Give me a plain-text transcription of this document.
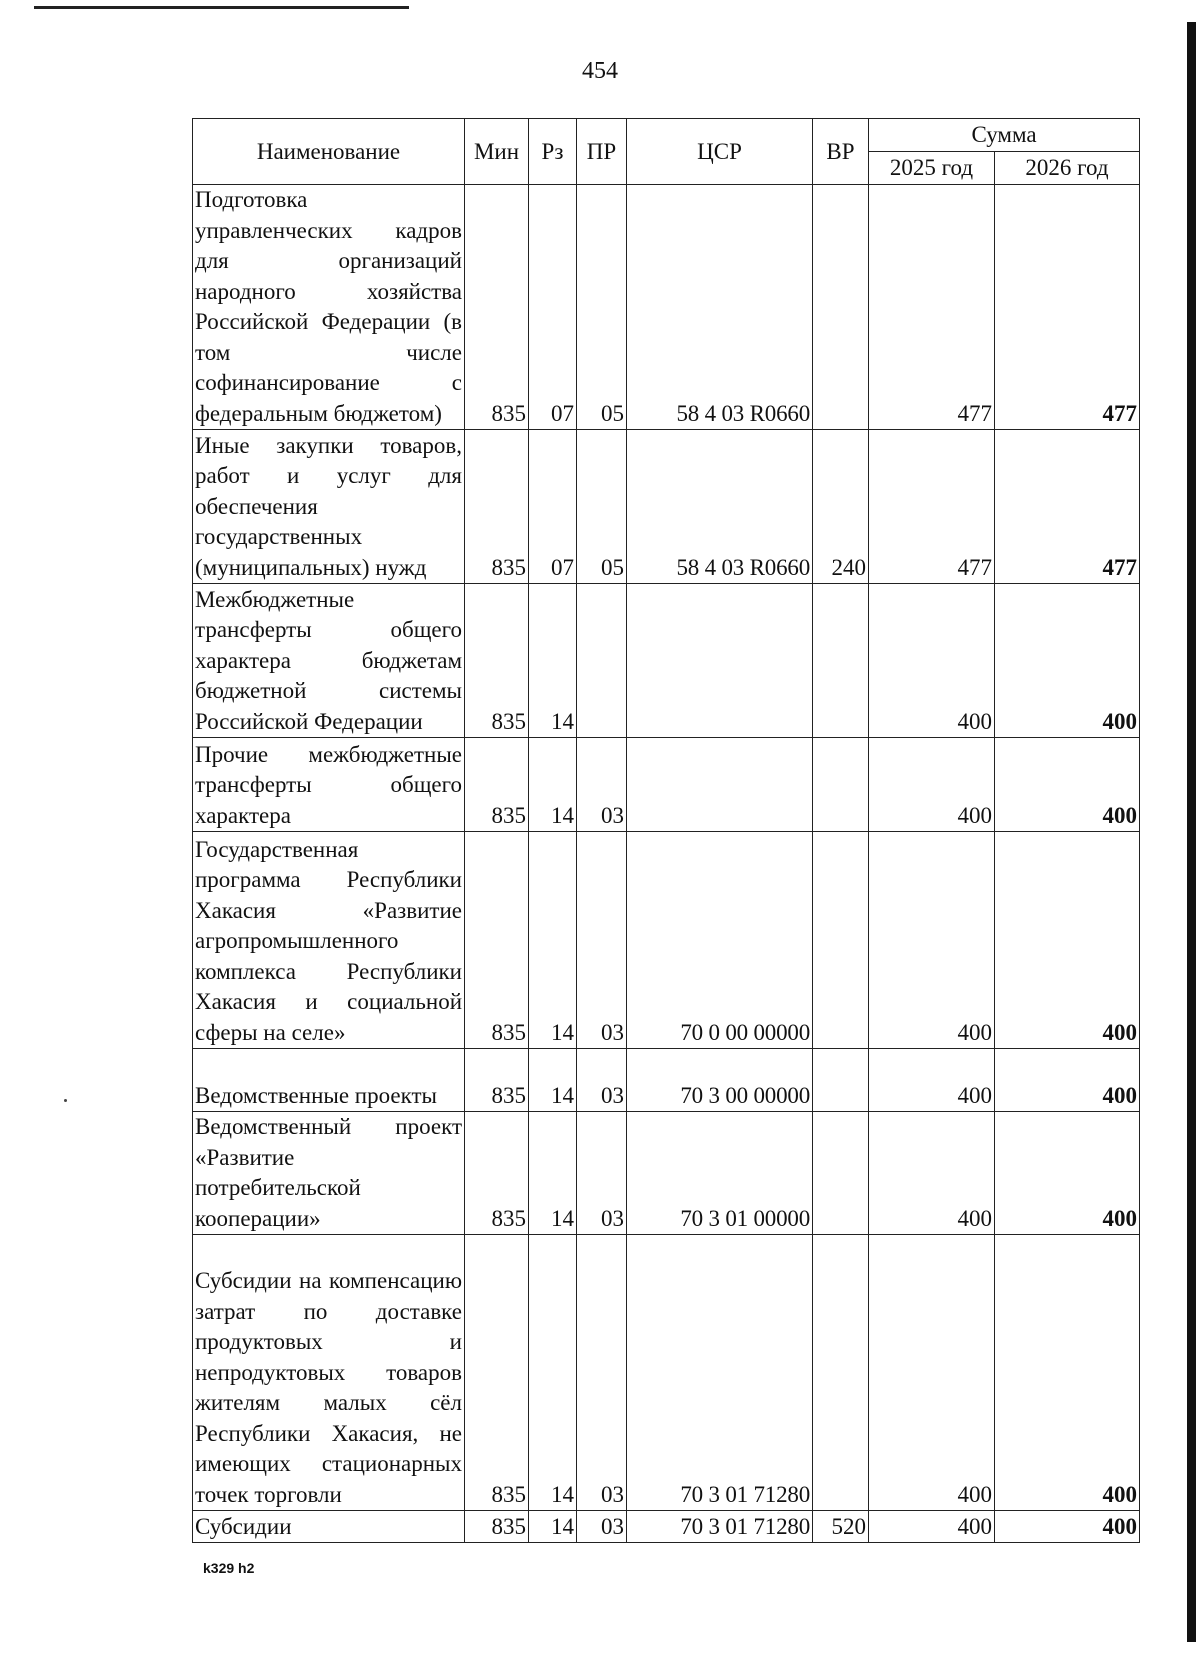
454
Наименование	Мин	Рз	ПР	ЦСР	ВР	Сумма	
						2025 год	2026 год
Подготовка управленческих кадров для организаций народного хозяйства Российской Федерации (в том числе софинансирование с федеральным бюджетом)	835	07	05	58 4 03 R0660		477	477
Иные закупки товаров, работ и услуг для обеспечения государственных (муниципальных) нужд	835	07	05	58 4 03 R0660	240	477	477
Межбюджетные трансферты общего характера бюджетам бюджетной системы Российской Федерации	835	14				400	400
Прочие межбюджетные трансферты общего характера	835	14	03			400	400
Государственная программа Республики Хакасия «Развитие агропромышленного комплекса Республики Хакасия и социальной сферы на селе»	835	14	03	70 0 00 00000		400	400
Ведомственные проекты	835	14	03	70 3 00 00000		400	400
Ведомственный проект «Развитие потребительской кооперации»	835	14	03	70 3 01 00000		400	400
Субсидии на компенсацию затрат по доставке продуктовых и непродуктовых товаров жителям малых сёл Республики Хакасия, не имеющих стационарных точек торговли	835	14	03	70 3 01 71280		400	400
Субсидии	835	14	03	70 3 01 71280	520	400	400
k329 h2
